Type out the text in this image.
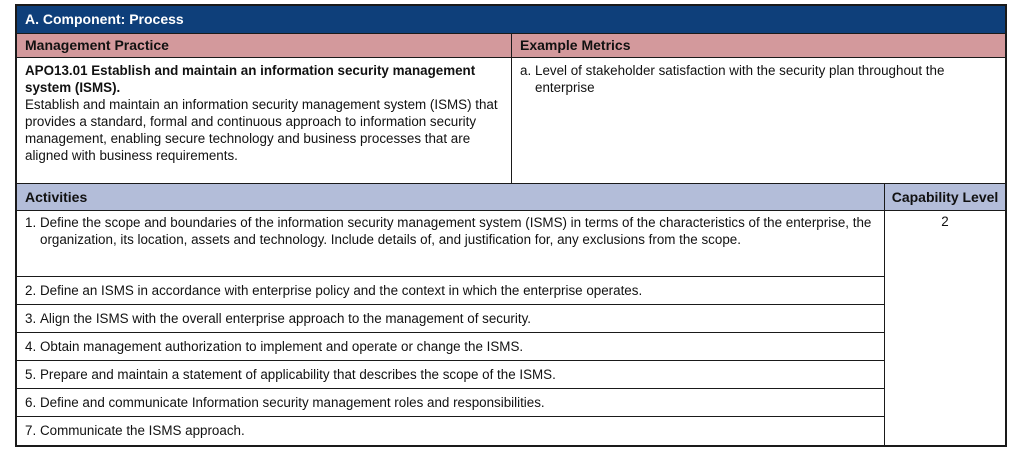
A. Component: Process
Management Practice	Example Metrics
APO13.01 Establish and maintain an information security management system (ISMS).
Establish and maintain an information security management system (ISMS) that provides a standard, formal and continuous approach to information security management, enabling secure technology and business processes that are aligned with business requirements.
a. Level of stakeholder satisfaction with the security plan throughout the enterprise
Activities	Capability Level
1. Define the scope and boundaries of the information security management system (ISMS) in terms of the characteristics of the enterprise, the organization, its location, assets and technology. Include details of, and justification for, any exclusions from the scope.
2. Define an ISMS in accordance with enterprise policy and the context in which the enterprise operates.
3. Align the ISMS with the overall enterprise approach to the management of security.
4. Obtain management authorization to implement and operate or change the ISMS.
5. Prepare and maintain a statement of applicability that describes the scope of the ISMS.
6. Define and communicate Information security management roles and responsibilities.
7. Communicate the ISMS approach.
2
